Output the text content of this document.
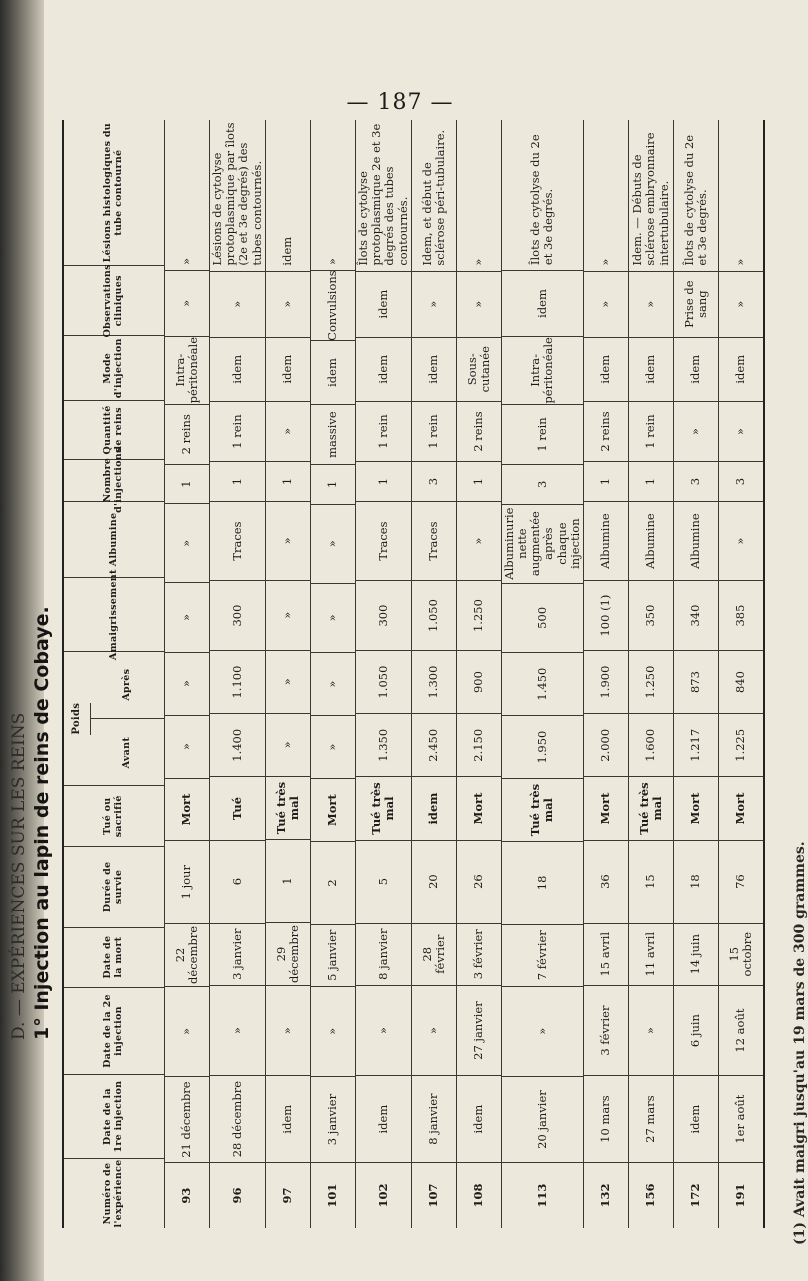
— 187 —
1° Injection au lapin de reins de Cobaye.
D. — EXPÉRIENCES SUR LES REINS
Numéro de l'expérience
Date de la 1re injection
Date de la 2e injection
Date de la mort
Durée de survie
Tué ou sacrifié
Poids
Avant
Après
Amaigrissement
Albumine
Nombre d'injections
Quantité de reins
Mode d'injection
Observations cliniques
Lésions histologiques du tube contourné
93
21 décembre
»
22 décembre
1 jour
Mort
»
»
»
»
1
2 reins
Intra-péritonéale
»
»
96
28 décembre
»
3 janvier
6
Tué
1.400
1.100
300
Traces
1
1 rein
idem
»
Lésions de cytolyse protoplasmique par îlots (2e et 3e degrés) des tubes contournés.
97
idem
»
29 décembre
1
Tué très mal
»
»
»
»
1
»
idem
»
idem
101
3 janvier
»
5 janvier
2
Mort
»
»
»
»
1
massive
idem
Convulsions
»
102
idem
»
8 janvier
5
Tué très mal
1.350
1.050
300
Traces
1
1 rein
idem
idem
Îlots de cytolyse protoplasmique 2e et 3e degrés des tubes contournés.
107
8 janvier
»
28 février
20
idem
2.450
1.300
1.050
Traces
3
1 rein
idem
»
Idem, et début de sclérose péri-tubulaire.
108
idem
27 janvier
3 février
26
Mort
2.150
900
1.250
»
1
2 reins
Sous-cutanée
»
»
113
20 janvier
»
7 février
18
Tué très mal
1.950
1.450
500
Albuminurie nette augmentée après chaque injection
3
1 rein
Intra-péritonéale
idem
Îlots de cytolyse du 2e et 3e degrés.
132
10 mars
3 février
15 avril
36
Mort
2.000
1.900
100 (1)
Albumine
1
2 reins
idem
»
»
156
27 mars
»
11 avril
15
Tué très mal
1.600
1.250
350
Albumine
1
1 rein
idem
»
Idem. — Débuts de sclérose embryonnaire intertubulaire.
172
idem
6 juin
14 juin
18
Mort
1.217
873
340
Albumine
3
»
idem
Prise de sang
Îlots de cytolyse du 2e et 3e degrés.
191
1er août
12 août
15 octobre
76
Mort
1.225
840
385
»
3
»
idem
»
»
(1) Avait maigri jusqu'au 19 mars de 300 grammes.
